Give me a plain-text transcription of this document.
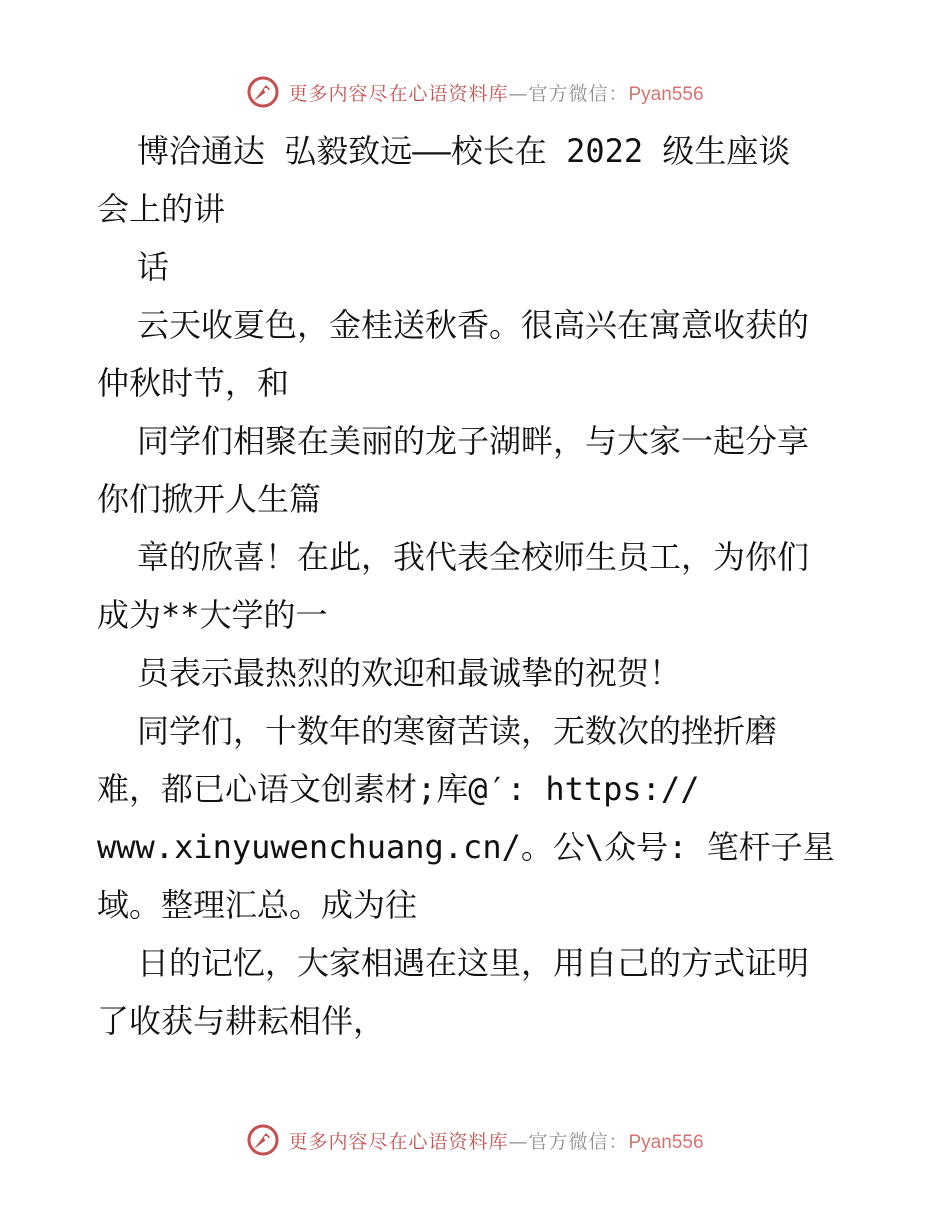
更多内容尽在心语资料库—官方微信：Pyan556
博洽通达 弘毅致远——校长在 2022 级生座谈
会上的讲
话
云天收夏色，金桂送秋香。很高兴在寓意收获的
仲秋时节，和
同学们相聚在美丽的龙子湖畔，与大家一起分享
你们掀开人生篇
章的欣喜！在此，我代表全校师生员工，为你们
成为**大学的一
员表示最热烈的欢迎和最诚挚的祝贺！
同学们，十数年的寒窗苦读，无数次的挫折磨
难，都已心语文创素材;库@′: https://
www.xinyuwenchuang.cn/。公\众号: 笔杆子星
域。整理汇总。成为往
日的记忆，大家相遇在这里，用自己的方式证明
了收获与耕耘相伴，
更多内容尽在心语资料库—官方微信：Pyan556
